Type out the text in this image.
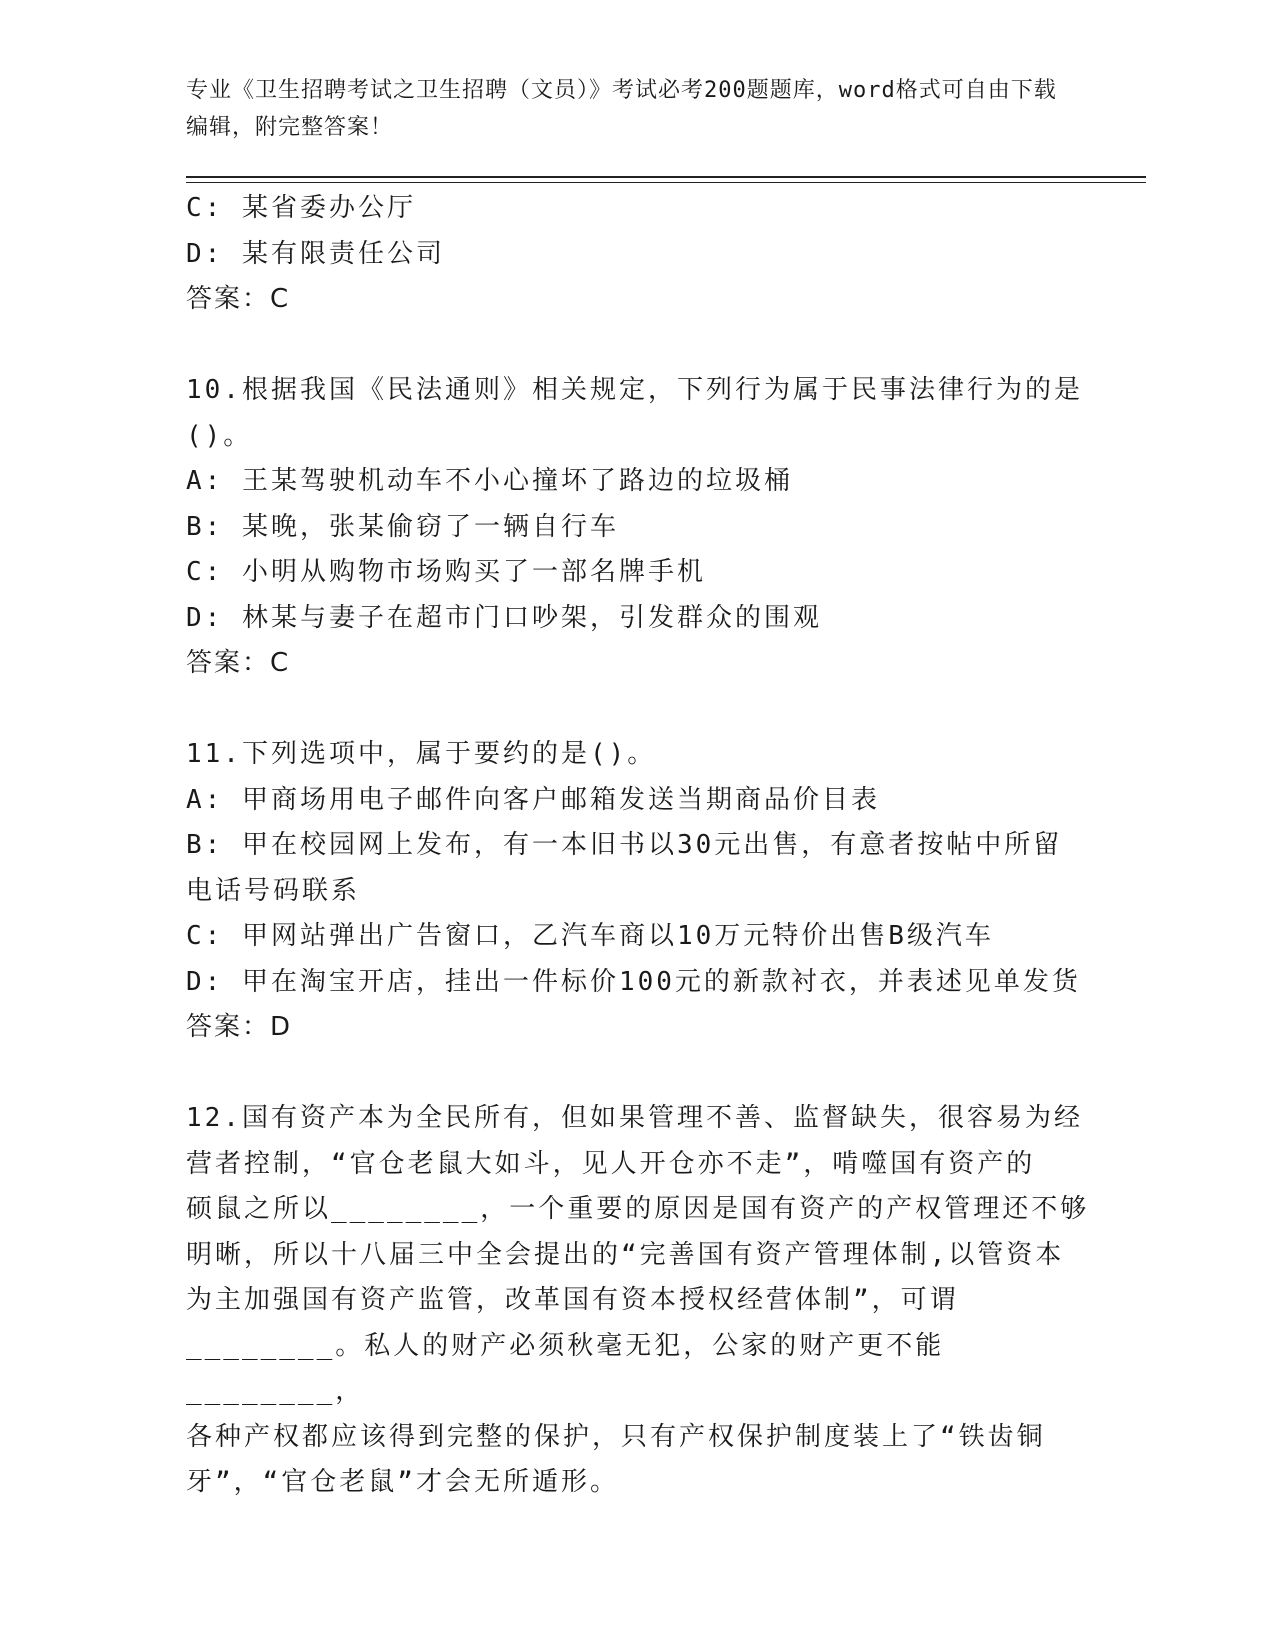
专业《卫生招聘考试之卫生招聘（文员）》考试必考200题题库，word格式可自由下载编辑，附完整答案！
C: 某省委办公厅
D: 某有限责任公司
答案：C
10.根据我国《民法通则》相关规定，下列行为属于民事法律行为的是
()。
A: 王某驾驶机动车不小心撞坏了路边的垃圾桶
B: 某晚，张某偷窃了一辆自行车
C: 小明从购物市场购买了一部名牌手机
D: 林某与妻子在超市门口吵架，引发群众的围观
答案：C
11.下列选项中，属于要约的是()。
A: 甲商场用电子邮件向客户邮箱发送当期商品价目表
B: 甲在校园网上发布，有一本旧书以30元出售，有意者按帖中所留
电话号码联系
C: 甲网站弹出广告窗口，乙汽车商以10万元特价出售B级汽车
D: 甲在淘宝开店，挂出一件标价100元的新款衬衣，并表述见单发货
答案：D
12.国有资产本为全民所有，但如果管理不善、监督缺失，很容易为经
营者控制，“官仓老鼠大如斗，见人开仓亦不走”，啃噬国有资产的
硕鼠之所以________，一个重要的原因是国有资产的产权管理还不够
明晰，所以十八届三中全会提出的“完善国有资产管理体制,以管资本
为主加强国有资产监管，改革国有资本授权经营体制”，可谓
________。私人的财产必须秋毫无犯，公家的财产更不能________，
各种产权都应该得到完整的保护，只有产权保护制度装上了“铁齿铜
牙”，“官仓老鼠”才会无所遁形。
